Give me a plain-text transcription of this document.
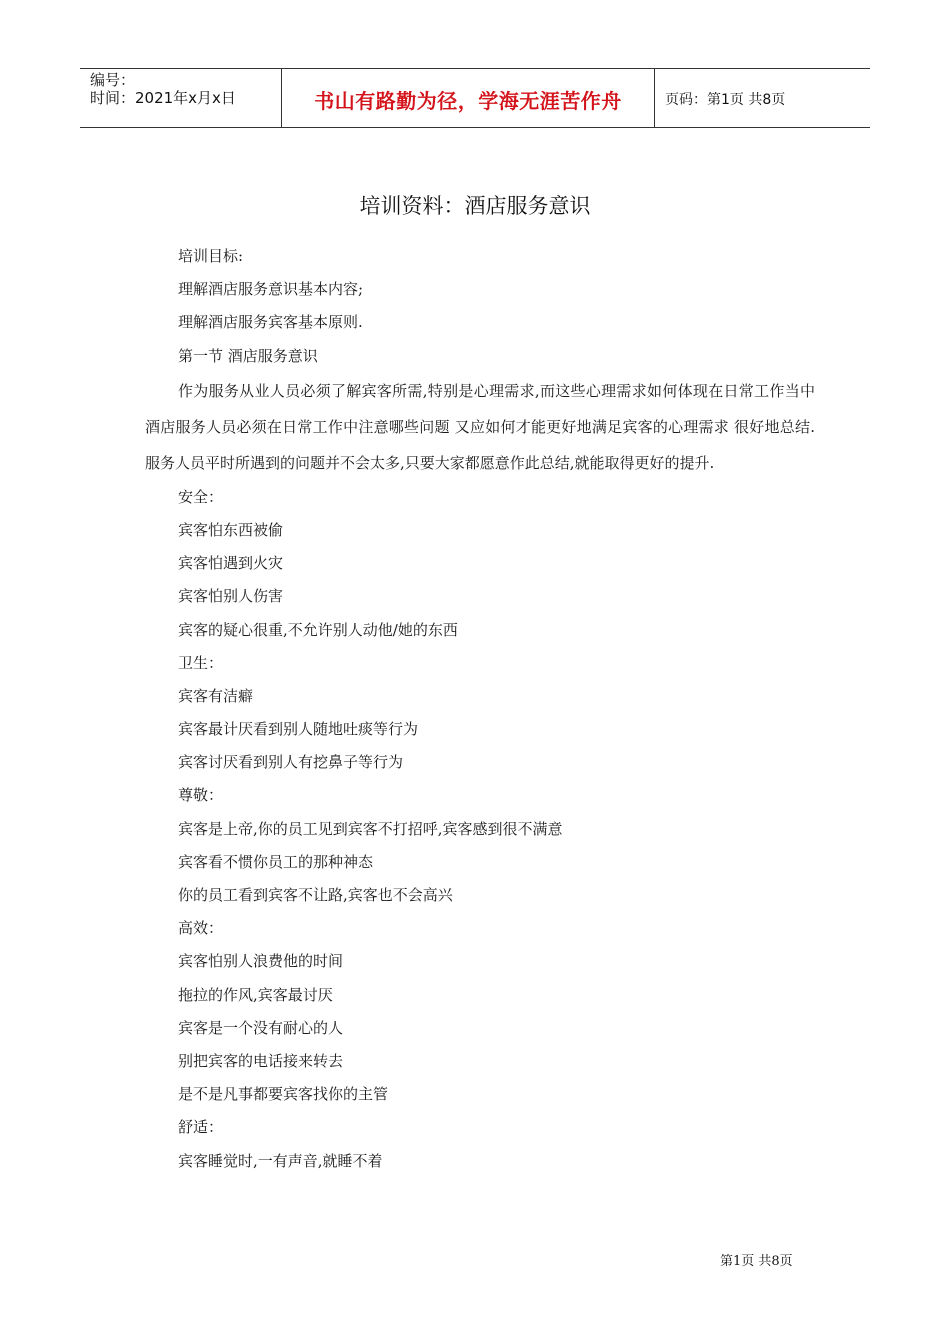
编号：
时间：2021年x月x日	书山有路勤为径，学海无涯苦作舟	页码：第1页 共8页
培训资料：酒店服务意识
培训目标:
理解酒店服务意识基本内容;
理解酒店服务宾客基本原则.
第一节 酒店服务意识

作为服务从业人员必须了解宾客所需,特别是心理需求,而这些心理需求如何体现在日常工作当中 酒店服务人员必须在日常工作中注意哪些问题 又应如何才能更好地满足宾客的心理需求 很好地总结.服务人员平时所遇到的问题并不会太多,只要大家都愿意作此总结,就能取得更好的提升.

安全：
宾客怕东西被偷
宾客怕遇到火灾
宾客怕别人伤害
宾客的疑心很重,不允许别人动他/她的东西
卫生：
宾客有洁癖
宾客最计厌看到别人随地吐痰等行为
宾客讨厌看到别人有挖鼻子等行为
尊敬：
宾客是上帝,你的员工见到宾客不打招呼,宾客感到很不满意
宾客看不惯你员工的那种神态
你的员工看到宾客不让路,宾客也不会高兴
高效：
宾客怕别人浪费他的时间
拖拉的作风,宾客最讨厌
宾客是一个没有耐心的人
别把宾客的电话接来转去
是不是凡事都要宾客找你的主管
舒适：
宾客睡觉时,一有声音,就睡不着
第1页 共8页
